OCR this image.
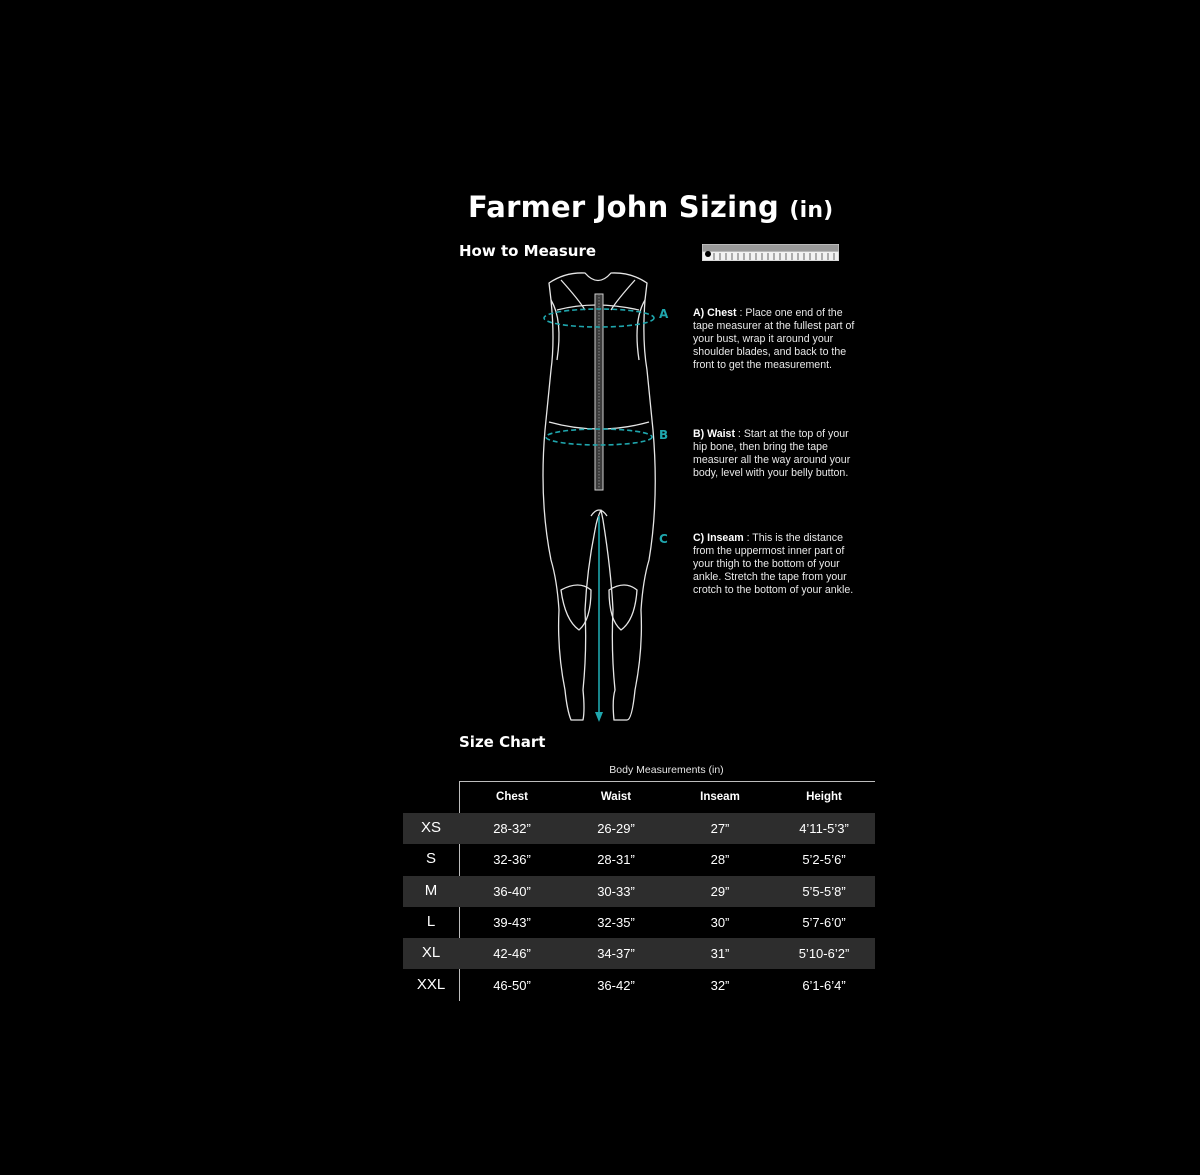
Farmer John Sizing (in)
How to Measure
A
B
C
A) Chest : Place one end of the tape measurer at the fullest part of your bust, wrap it around your shoulder blades, and back to the front to get the measurement.
B) Waist : Start at the top of your hip bone, then bring the tape measurer all the way around your body, level with your belly button.
C) Inseam : This is the distance from the uppermost inner part of your thigh to the bottom of your ankle. Stretch the tape from your crotch to the bottom of your ankle.
Size Chart
Body Measurements (in)
Chest	Waist	Inseam	Height
XS	28-32”	26-29”	27”	4’11-5’3”
S	32-36”	28-31”	28”	5’2-5’6”
M	36-40”	30-33”	29”	5’5-5’8”
L	39-43”	32-35”	30”	5’7-6’0”
XL	42-46”	34-37”	31”	5’10-6’2”
XXL	46-50”	36-42”	32”	6’1-6’4”
